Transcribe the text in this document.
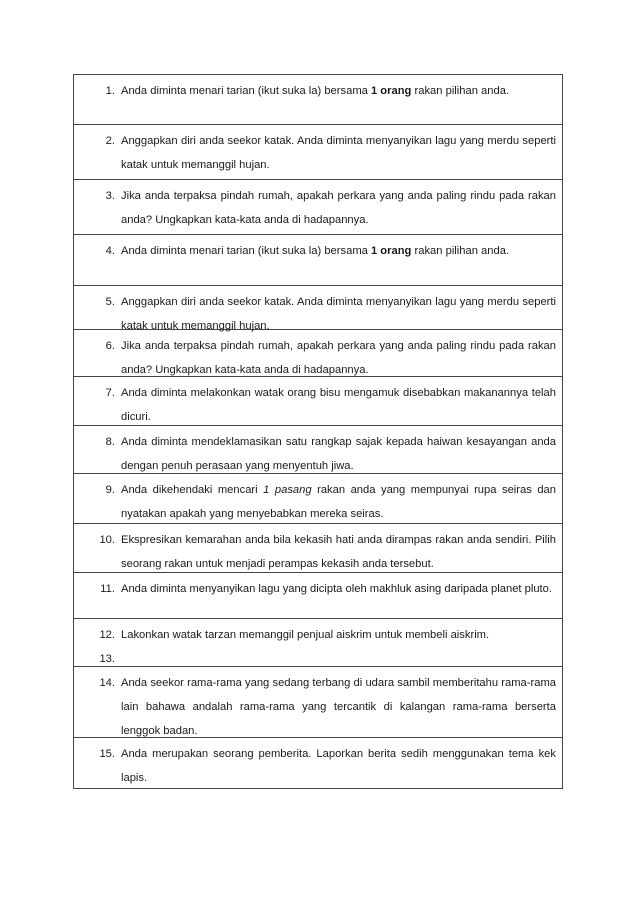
1. Anda diminta menari tarian (ikut suka la) bersama 1 orang rakan pilihan anda.
2. Anggapkan diri anda seekor katak. Anda diminta menyanyikan lagu yang merdu seperti katak untuk memanggil hujan.
3. Jika anda terpaksa pindah rumah, apakah perkara yang anda paling rindu pada rakan anda? Ungkapkan kata-kata anda di hadapannya.
4. Anda diminta menari tarian (ikut suka la) bersama 1 orang rakan pilihan anda.
5. Anggapkan diri anda seekor katak. Anda diminta menyanyikan lagu yang merdu seperti katak untuk memanggil hujan.
6. Jika anda terpaksa pindah rumah, apakah perkara yang anda paling rindu pada rakan anda? Ungkapkan kata-kata anda di hadapannya.
7. Anda diminta melakonkan watak orang bisu mengamuk disebabkan makanannya telah dicuri.
8. Anda diminta mendeklamasikan satu rangkap sajak kepada haiwan kesayangan anda dengan penuh perasaan yang menyentuh jiwa.
9. Anda dikehendaki mencari 1 pasang rakan anda yang mempunyai rupa seiras dan nyatakan apakah yang menyebabkan mereka seiras.
10. Ekspresikan kemarahan anda bila kekasih hati anda dirampas rakan anda sendiri. Pilih seorang rakan untuk menjadi perampas kekasih anda tersebut.
11. Anda diminta menyanyikan lagu yang dicipta oleh makhluk asing daripada planet pluto.
12. Lakonkan watak tarzan memanggil penjual aiskrim untuk membeli aiskrim.
13.
14. Anda seekor rama-rama yang sedang terbang di udara sambil memberitahu rama-rama lain bahawa andalah rama-rama yang tercantik di kalangan rama-rama berserta lenggok badan.
15. Anda merupakan seorang pemberita. Laporkan berita sedih menggunakan tema kek lapis.
